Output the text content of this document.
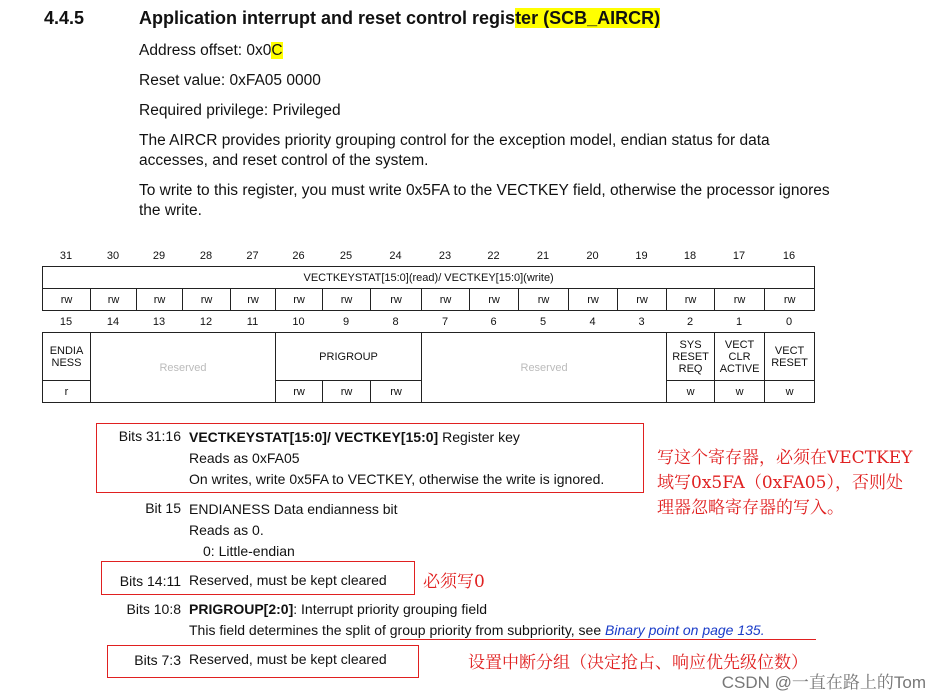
4.4.5	Application interrupt and reset control register (SCB_AIRCR)
Address offset: 0x0C
Reset value: 0xFA05 0000
Required privilege: Privileged
The AIRCR provides priority grouping control for the exception model, endian status for data accesses, and reset control of the system.
To write to this register, you must write 0x5FA to the VECTKEY field, otherwise the processor ignores the write.
31	30	29	28	27	26	25	24	23	22	21	20	19	18	17	16
VECTKEYSTAT[15:0](read)/ VECTKEY[15:0](write)
rw	rw	rw	rw	rw	rw	rw	rw	rw	rw	rw	rw	rw	rw	rw	rw
15	14	13	12	11	10	9	8	7	6	5	4	3	2	1	0
ENDIA NESS	Reserved	PRIGROUP			Reserved	SYS RESET REQ	VECT CLR ACTIVE	VECT RESET
r		rw	rw	rw		w	w	w
Bits 31:16 VECTKEYSTAT[15:0]/ VECTKEY[15:0] Register key
Reads as 0xFA05
On writes, write 0x5FA to VECTKEY, otherwise the write is ignored.
Bit 15 ENDIANESS Data endianness bit
Reads as 0.
0: Little-endian
Bits 14:11 Reserved, must be kept cleared
Bits 10:8 PRIGROUP[2:0]: Interrupt priority grouping field
This field determines the split of group priority from subpriority, see Binary point on page 135.
Bits 7:3 Reserved, must be kept cleared
写这个寄存器，必须在VECTKEY域写0x5FA（0xFA05），否则处理器忽略寄存器的写入。
必须写0
设置中断分组（决定抢占、响应优先级位数）
CSDN @一直在路上的Tom
